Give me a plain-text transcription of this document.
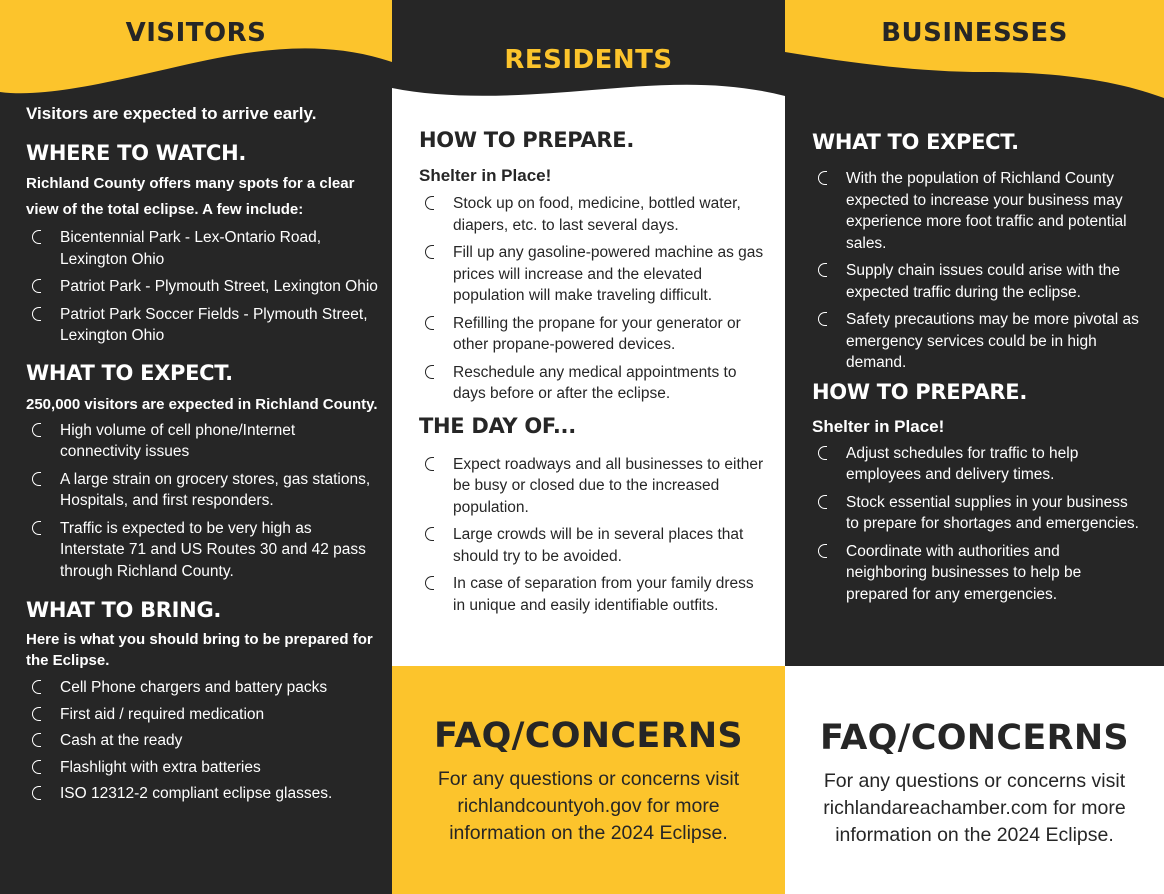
VISITORS

Visitors are expected to arrive early.

WHERE TO WATCH.

Richland County offers many spots for a clear view of the total eclipse. A few include:

Bicentennial Park - Lex-Ontario Road, Lexington Ohio
Patriot Park - Plymouth Street, Lexington Ohio
Patriot Park Soccer Fields - Plymouth Street, Lexington Ohio
WHAT TO EXPECT.

250,000 visitors are expected in Richland County.

High volume of cell phone/Internet connectivity issues
A large strain on grocery stores, gas stations, Hospitals, and first responders.
Traffic is expected to be very high as Interstate 71 and US Routes 30 and 42 pass through Richland County.
WHAT TO BRING.

Here is what you should bring to be prepared for the Eclipse.

Cell Phone chargers and battery packs
First aid / required medication
Cash at the ready
Flashlight with extra batteries
ISO 12312-2 compliant eclipse glasses.
RESIDENTS
HOW TO PREPARE.

Shelter in Place!

Stock up on food, medicine, bottled water, diapers, etc. to last several days.
Fill up any gasoline-powered machine as gas prices will increase and the elevated population will make traveling difficult.
Refilling the propane for your generator or other propane-powered devices.
Reschedule any medical appointments to days before or after the eclipse.
THE DAY OF...
Expect roadways and all businesses to either be busy or closed due to the increased population.
Large crowds will be in several places that should try to be avoided.
In case of separation from your family dress in unique and easily identifiable outfits.
FAQ/CONCERNS

For any questions or concerns visit
richlandcountyoh.gov for more
information on the 2024 Eclipse.

BUSINESSES
WHAT TO EXPECT.
With the population of Richland County expected to increase your business may experience more foot traffic and potential sales.
Supply chain issues could arise with the expected traffic during the eclipse.
Safety precautions may be more pivotal as emergency services could be in high demand.
HOW TO PREPARE.

Shelter in Place!

Adjust schedules for traffic to help employees and delivery times.
Stock essential supplies in your business to prepare for shortages and emergencies.
Coordinate with authorities and neighboring businesses to help be prepared for any emergencies.
FAQ/CONCERNS

For any questions or concerns visit
richlandareachamber.com for more
information on the 2024 Eclipse.
